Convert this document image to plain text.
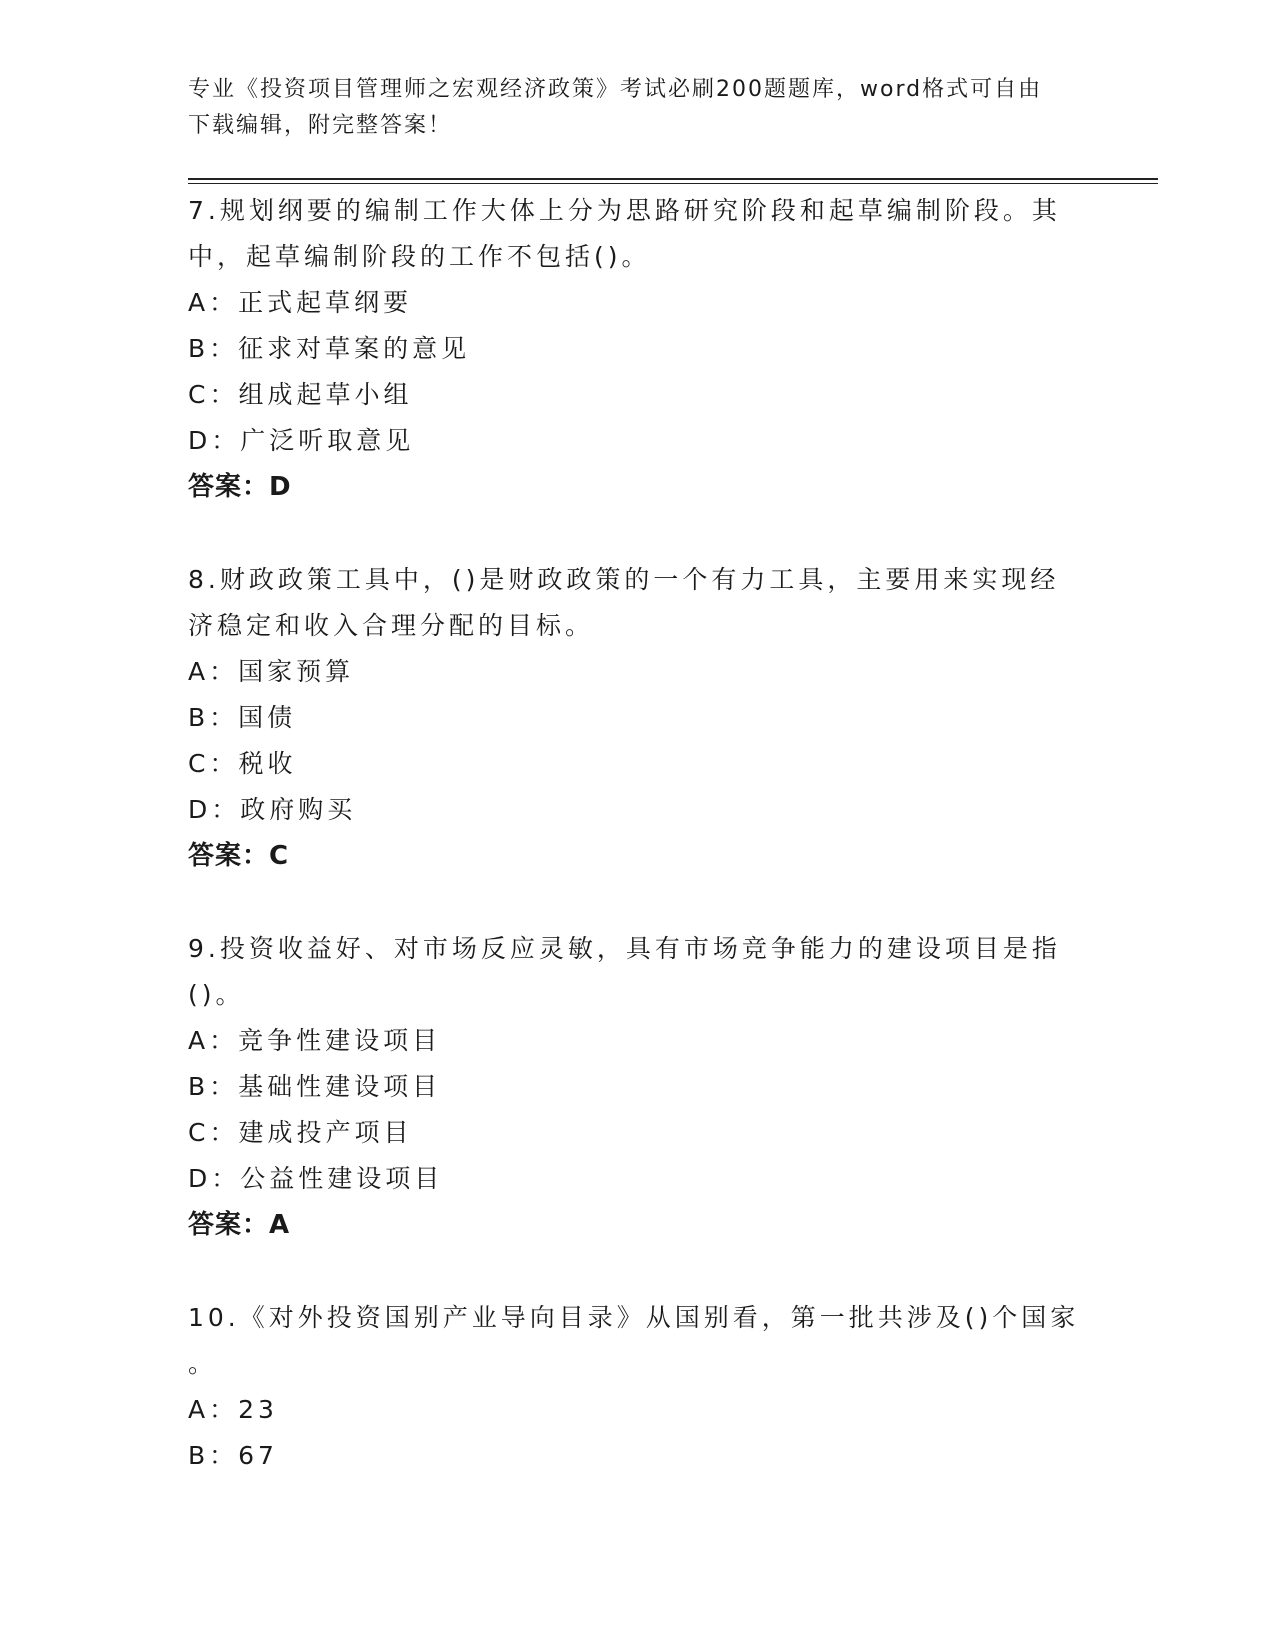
专业《投资项目管理师之宏观经济政策》考试必刷200题题库，word格式可自由
下载编辑，附完整答案！
7.规划纲要的编制工作大体上分为思路研究阶段和起草编制阶段。其
中，起草编制阶段的工作不包括()。
A：正式起草纲要
B：征求对草案的意见
C：组成起草小组
D：广泛听取意见
答案：D
8.财政政策工具中，()是财政政策的一个有力工具，主要用来实现经
济稳定和收入合理分配的目标。
A：国家预算
B：国债
C：税收
D：政府购买
答案：C
9.投资收益好、对市场反应灵敏，具有市场竞争能力的建设项目是指
()。
A：竞争性建设项目
B：基础性建设项目
C：建成投产项目
D：公益性建设项目
答案：A
10.《对外投资国别产业导向目录》从国别看，第一批共涉及()个国家
。
A：23
B：67
